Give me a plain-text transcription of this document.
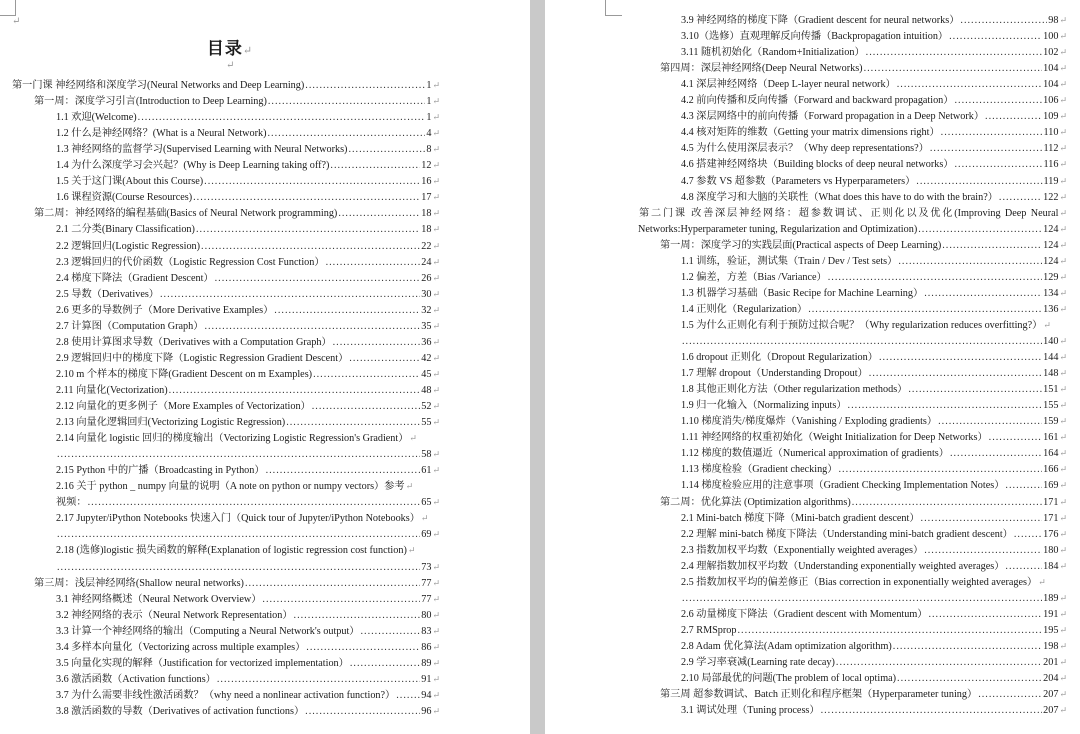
↵
目录↵
↵
第一门课 神经网络和深度学习(Neural Networks and Deep Learning) .....	1 ↵
第一周：深度学习引言(Introduction to Deep Learning) .....	1 ↵
1.1 欢迎(Welcome) .....	1 ↵
1.2 什么是神经网络？(What is a Neural Network) .....	4 ↵
1.3 神经网络的监督学习(Supervised Learning with Neural Networks) .....	8 ↵
1.4 为什么深度学习会兴起？(Why is Deep Learning taking off?) .....	12 ↵
1.5 关于这门课(About this Course) .....	16 ↵
1.6 课程资源(Course Resources) .....	17 ↵
第二周：神经网络的编程基础(Basics of Neural Network programming) .....	18 ↵
2.1 二分类(Binary Classification) .....	18 ↵
2.2 逻辑回归(Logistic Regression) .....	22 ↵
2.3 逻辑回归的代价函数（Logistic Regression Cost Function） .....	24 ↵
2.4 梯度下降法（Gradient Descent） .....	26 ↵
2.5 导数（Derivatives） .....	30 ↵
2.6 更多的导数例子（More Derivative Examples） .....	32 ↵
2.7 计算图（Computation Graph） .....	35 ↵
2.8 使用计算图求导数（Derivatives with a Computation Graph） .....	36 ↵
2.9 逻辑回归中的梯度下降（Logistic Regression Gradient Descent） .....	42 ↵
2.10 m 个样本的梯度下降(Gradient Descent on m Examples) .....	45 ↵
2.11 向量化(Vectorization) .....	48 ↵
2.12 向量化的更多例子（More Examples of Vectorization） .....	52 ↵
2.13 向量化逻辑回归(Vectorizing Logistic Regression) .....	55 ↵
2.14 向量化 logistic 回归的梯度输出（Vectorizing Logistic Regression's Gradient） ↵
.....
58 ↵
2.15 Python 中的广播（Broadcasting in Python） .....	61 ↵
2.16 关于 python _ numpy 向量的说明（A note on python or numpy vectors）参考 ↵
视频： .....	65 ↵
2.17 Jupyter/iPython Notebooks 快速入门（Quick tour of Jupyter/iPython Notebooks） ↵
.....
69 ↵
2.18 (选修)logistic 损失函数的解释(Explanation of logistic regression cost function) ↵
.....
73 ↵
第三周：浅层神经网络(Shallow neural networks) .....	77 ↵
3.1 神经网络概述（Neural Network Overview） .....	77 ↵
3.2 神经网络的表示（Neural Network Representation） .....	80 ↵
3.3 计算一个神经网络的输出（Computing a Neural Network's output） .....	83 ↵
3.4 多样本向量化（Vectorizing across multiple examples） .....	86 ↵
3.5 向量化实现的解释（Justification for vectorized implementation） .....	89 ↵
3.6 激活函数（Activation functions） .....	91 ↵
3.7 为什么需要非线性激活函数？（why need a nonlinear activation function?） .....	94 ↵
3.8 激活函数的导数（Derivatives of activation functions） .....	96 ↵
3.9 神经网络的梯度下降（Gradient descent for neural networks） .....	98 ↵
3.10（选修）直观理解反向传播（Backpropagation intuition） .....	100 ↵
3.11 随机初始化（Random+Initialization） .....	102 ↵
第四周：深层神经网络(Deep Neural Networks) .....	104 ↵
4.1 深层神经网络（Deep L-layer neural network） .....	104 ↵
4.2 前向传播和反向传播（Forward and backward propagation） .....	106 ↵
4.3 深层网络中的前向传播（Forward propagation in a Deep Network） .....	109 ↵
4.4 核对矩阵的维数（Getting your matrix dimensions right） .....	110 ↵
4.5 为什么使用深层表示？（Why deep representations?） .....	112 ↵
4.6 搭建神经网络块（Building blocks of deep neural networks） .....	116 ↵
4.7 参数 VS 超参数（Parameters vs Hyperparameters） .....	119 ↵
4.8 深度学习和大脑的关联性（What does this have to do with the brain?） .....	122 ↵
第二门课 改善深层神经网络：超参数调试、正则化以及优化(Improving Deep Neural ↵
Networks:Hyperparameter tuning, Regularization and Optimization) .....	124 ↵
第一周：深度学习的实践层面(Practical aspects of Deep Learning) .....	124 ↵
1.1 训练，验证，测试集（Train / Dev / Test sets） .....	124 ↵
1.2 偏差，方差（Bias /Variance） .....	129 ↵
1.3 机器学习基础（Basic Recipe for Machine Learning） .....	134 ↵
1.4 正则化（Regularization） .....	136 ↵
1.5 为什么正则化有利于预防过拟合呢？（Why regularization reduces overfitting?） ↵
.....
140 ↵
1.6 dropout 正则化（Dropout Regularization） .....	144 ↵
1.7 理解 dropout（Understanding Dropout） .....	148 ↵
1.8 其他正则化方法（Other regularization methods） .....	151 ↵
1.9 归一化输入（Normalizing inputs） .....	155 ↵
1.10 梯度消失/梯度爆炸（Vanishing / Exploding gradients） .....	159 ↵
1.11 神经网络的权重初始化（Weight Initialization for Deep Networks） .....	161 ↵
1.12 梯度的数值逼近（Numerical approximation of gradients） .....	164 ↵
1.13 梯度检验（Gradient checking） .....	166 ↵
1.14 梯度检验应用的注意事项（Gradient Checking Implementation Notes） .....	169 ↵
第二周：优化算法 (Optimization algorithms) .....	171 ↵
2.1 Mini-batch 梯度下降（Mini-batch gradient descent） .....	171 ↵
2.2 理解 mini-batch 梯度下降法（Understanding mini-batch gradient descent） .....	176 ↵
2.3 指数加权平均数（Exponentially weighted averages） .....	180 ↵
2.4 理解指数加权平均数（Understanding exponentially weighted averages） .....	184 ↵
2.5 指数加权平均的偏差修正（Bias correction in exponentially weighted averages） ↵
.....
189 ↵
2.6 动量梯度下降法（Gradient descent with Momentum） .....	191 ↵
2.7 RMSprop .....	195 ↵
2.8 Adam 优化算法(Adam optimization algorithm) .....	198 ↵
2.9 学习率衰减(Learning rate decay) .....	201 ↵
2.10 局部最优的问题(The problem of local optima) .....	204 ↵
第三周 超参数调试、Batch 正则化和程序框架（Hyperparameter tuning） .....	207 ↵
3.1 调试处理（Tuning process） .....	207 ↵
